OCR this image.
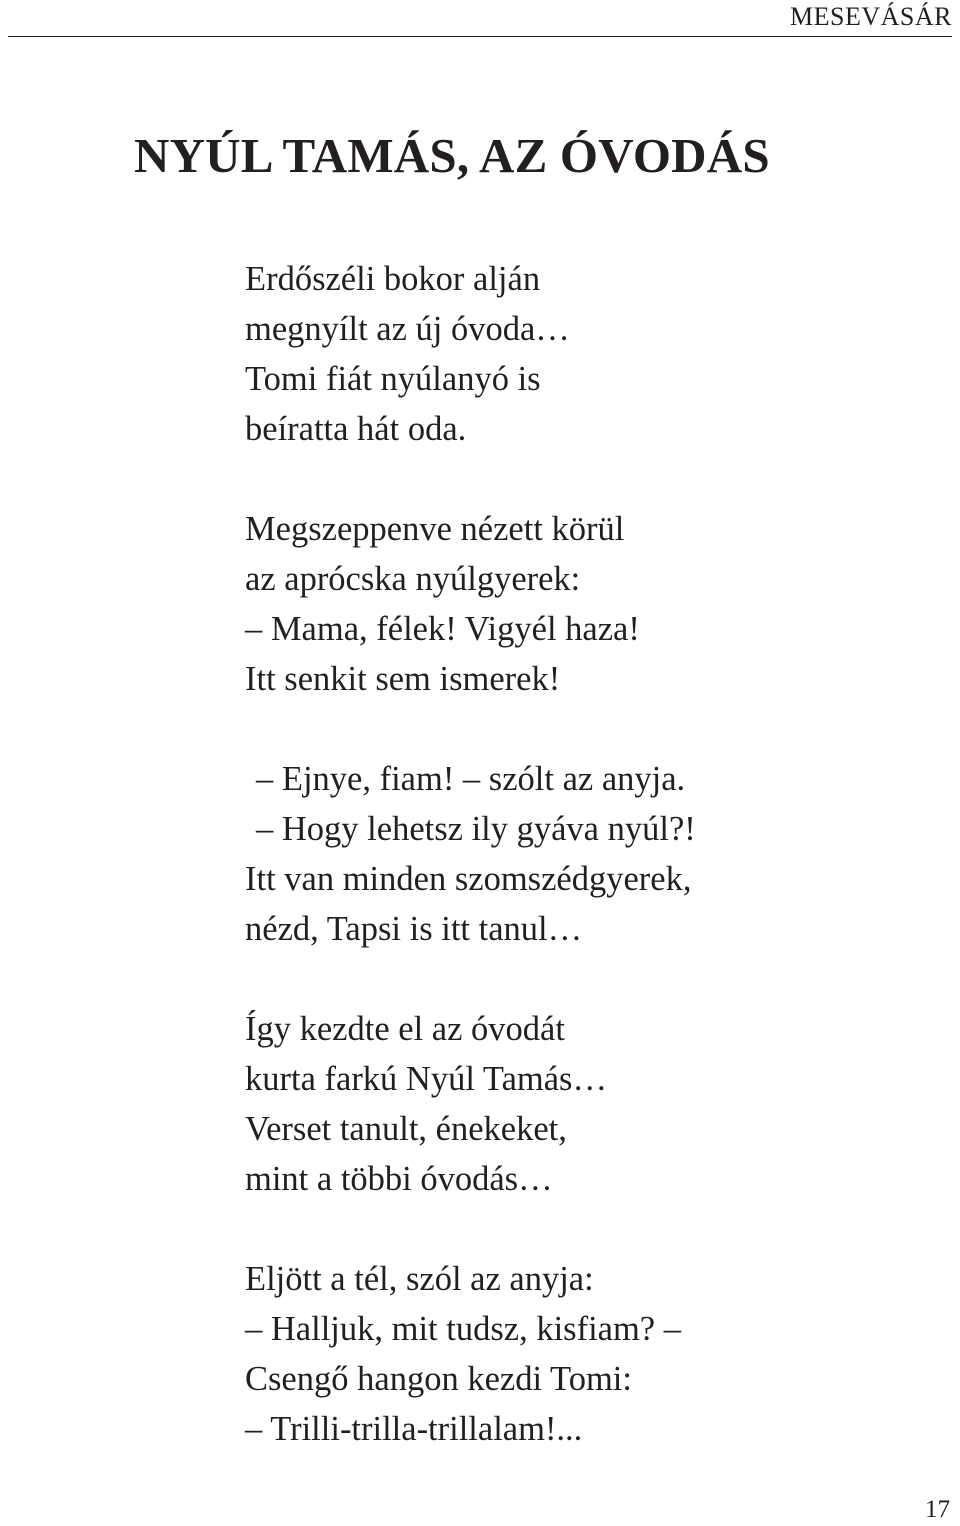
MESEVÁSÁR
NYÚL TAMÁS, AZ ÓVODÁS
Erdőszéli bokor alján
megnyílt az új óvoda…
Tomi fiát nyúlanyó is
beíratta hát oda.
Megszeppenve nézett körül
az aprócska nyúlgyerek:
– Mama, félek! Vigyél haza!
Itt senkit sem ismerek!
– Ejnye, fiam! – szólt az anyja.
– Hogy lehetsz ily gyáva nyúl?!
Itt van minden szomszédgyerek,
nézd, Tapsi is itt tanul…
Így kezdte el az óvodát
kurta farkú Nyúl Tamás…
Verset tanult, énekeket,
mint a többi óvodás…
Eljött a tél, szól az anyja:
– Halljuk, mit tudsz, kisfiam? –
Csengő hangon kezdi Tomi:
– Trilli-trilla-trillalam!...
17
